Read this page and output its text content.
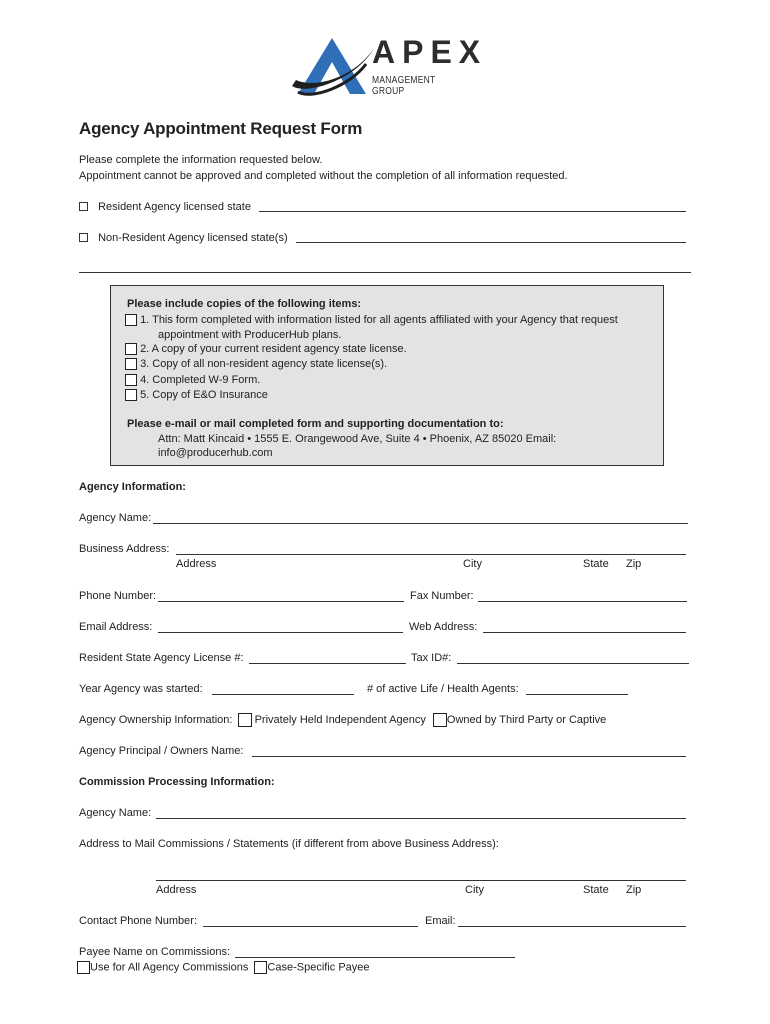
APEX
MANAGEMENT GROUP
Agency Appointment Request Form
Please complete the information requested below.
Appointment cannot be approved and completed without the completion of all information requested.
Resident Agency licensed state
Non-Resident Agency licensed state(s)
Please include copies of the following items:
1. This form completed with information listed for all agents affiliated with your Agency that request
appointment with ProducerHub plans.
2. A copy of your current resident agency state license.
3. Copy of all non-resident agency state license(s).
4. Completed W-9 Form.
5. Copy of E&O Insurance
Please e-mail or mail completed form and supporting documentation to:
Attn: Matt Kincaid • 1555 E. Orangewood Ave, Suite 4 • Phoenix, AZ 85020 Email:
info@producerhub.com
Agency Information:
Agency Name:
Business Address:
Address	City	State Zip
Phone Number:	Fax Number:
Email Address:	Web Address:
Resident State Agency License #:	Tax ID#:
Year Agency was started:	# of active Life / Health Agents:
Agency Ownership Information: Privately Held Independent Agency Owned by Third Party or Captive
Agency Principal / Owners Name:
Commission Processing Information:
Agency Name:
Address to Mail Commissions / Statements (if different from above Business Address):
Address	City	State Zip
Contact Phone Number:	Email:
Payee Name on Commissions:
Use for All Agency Commissions Case-Specific Payee
